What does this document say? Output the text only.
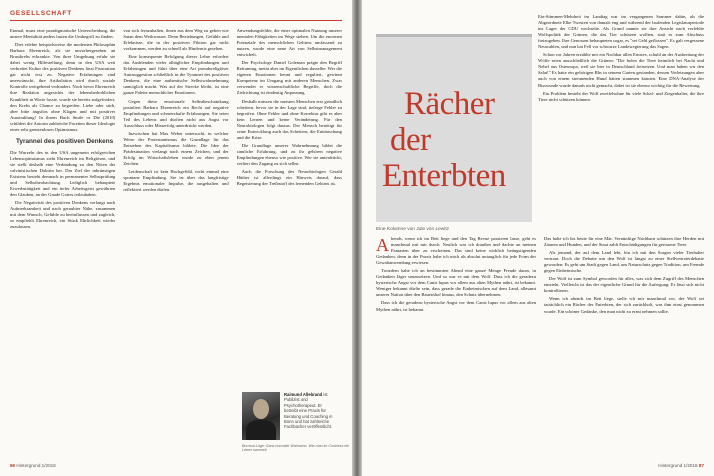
GESELLSCHAFT

Einmal, muss eine paradigmatische Unterscheidung, die unsere Mentalität anders lasten die Umbegriff zu finden.

Dies erlebte beispielsweise die modernen Philosophin Barbara Ehrenreich, als sie unvorhergesehen an Brustkrebs erkrankte. Von ihrer Umgebung erfuhr sie dabei wenig Hilfestellung, denn in den USA weit verbreitet Kultur des positiven Denkens lässt Frustration gar nicht erst zu. Negative Erfahrungen sind unerwünscht, ihre Artikulation wird durch soziale Kontrolle weitgehend verhindert. Noch bevor Ehrenreich ihre Reaktion angesichts der lebensbedrohlichen Krankheit in Worte fasste, wurde sie bereits aufgefordert, den Krebs als Chance zu begreifen. Liebe oder stirb, aber bitte ängstlos ohne Klagen und mit positiver Ausstrahlung! In ihrem Buch Smile or Die (2010) schildert die Autorin zahlreiche Facetten dieser Ideologie eines sehr grenzenlosen Optimismus.

Tyrannei des positiven Denkens

Die Wurzeln des in den USA ungemein erfolgreichen Lebensoptimismus sieht Ehrenreich im Religiösen, und sie stellt deshalb eine Verbindung zu den Nöten der calvinistischen Doktrin her. Das Ziel der inbrünstigen Existenz besteht demnach in permanenter Selbstprüfung und Selbstbeobachtung. Lediglich behauptete Erwerbstätigkeit und ein tiefer Arbeitsgeist gewährten den Glauben, an der Gnade Gottes teilzuhaben.

Die Negativität des positiven Denkens verlangt nach Aufmerksamkeit und nach geraubter Nähe, zusammen mit dem Wunsch, Gefühle zu beeinflussen und zugleich, so empfiehlt Ehrenreich, ein Stück Ehrlichkeit wieder zuzulassen.

von sich fernzuhalten, ihnen aus dem Weg zu gehen wie Satan dem Weihwasser. Denn Beziehungen, Gefühle und Erlebnisse, die in der positiven Fiktion gar nicht vorkommen, werden zu schnell als Hindernis gesehen.

Eine konsequente Befolgung dieser Lehre erfordert das Ausblenden vieler alltäglicher Empfindungen und Erfahrungen und führt über eine Art pseudoreligiöser Autosuggestion schließlich in die Tyrannei des positiven Denkens, die eine authentische Selbstwahrnehmung unmöglich macht. Was auf der Strecke bleibt, ist eine ganze Palette menschlicher Emotionen.

Gegen diese emotionale Selbstbeschränkung postuliert Barbara Ehrenreich ein Recht auf negative Empfindungen und schmerzhafte Erfahrungen. Sie seien Teil des Lebens und dürften nicht aus Angst vor Ausschluss oder Misserfolg unterdrückt werden.

Inzwischen hat Max Weber untersucht, in welcher Weise der Protestantismus die Grundlage für das Entstehen des Kapitalismus bildete. Die Idee der Prädestination verlangt nach einem Zeichen, und der Erfolg im Wirtschaftsleben wurde zu eben jenem Zeichen.

Leidenschaft ist kein Hochgefühl, nicht einmal eine spontane Empfindung. Sie ist über das langfristige Ergebnis emotionaler Impulse, die ausgehalten und reflektiert werden dürfen.

Anwendungsfelder, die einer optimalen Nutzung unserer mentalen Fähigkeiten im Wege stehen. Um die enormen Potenziale des menschlichen Gehirns umfassend zu nutzen, wurde eine neue Art von Selbstmanagement entwickelt.

Der Psychologe Daniel Goleman prägte den Begriff Reframing, meint aber im Eigentlichen dasselbe: Wer die eigenen Emotionen kennt und reguliert, gewinnt Kompetenz im Umgang mit anderen Menschen. Zwar verwendet er wissenschaftliche Begriffe, doch die Zielrichtung ist eindeutig Anpassung.

Deshalb müssen die meisten Menschen erst gründlich scheitern, bevor sie in der Lage sind, tieferge Fehler zu begreifen. Ohne Fehler und ohne Korrektur gibt es aber kein Lernen und keine Veränderung. Für den Neurobiologen folgt daraus: Der Mensch benötigt für seine Entwicklung auch das Scheitern, die Enttäuschung und die Krise.

Die Grundlage unserer Wahrnehmung bildet die sinnliche Erfahrung, und zu ihr gehören negative Empfindungen ebenso wie positive. Wer sie unterdrückt, verliert den Zugang zu sich selbst.

Auch die Forschung des Neurobiologen Gerald Hüther ist allerdings ein Hinweis darauf, dass Begeisterung der Treibstoff des lernenden Gehirns ist.

Raimund Allebrand ist Publizist und Psychotherapeut. Er betreibt eine Praxis für Beratung und Coaching in Bonn und hat zahlreiche Fachbücher veröffentlicht.
Burnout-Lüge: Ganz normaler Wahnsinn. Wie man im Coolness ein Leben sammelt
86 Hintergrund 1/2018
Rächer
der
Enterbten
Eine Kolumne von Jule von Lewitz

Ein-Stimmen-Mehrheit im Landtag war im vergangenen Sommer dahin, als die Abgeordnete Elke Twesten von damals eng und während der laufenden Legislaturperiode ins Lager der CDU wechselte. Als Grund nannte sie ihre Ansicht nach verfehlte Wolfspolitik der Grünen, die das Tier schützen wollten, statt es zum Abschuss freizugeben. Ihre Genossen behaupteten sogar, es "sei Geld geflossen". Es galt vergessene Neuwahlen, und nun hat Fell vor schwarze Landesregierung das Sagen.

Schon vor Jahren erzählte mir ein Nachbar allen Ernstes, schuld an der Ausbreitung der Wölfe seien ausschließlich die Grünen: "Die holen die Tiere heimlich bei Nacht und Nebel aus Osteuropa, weil sie hier in Deutschland freisetzen. Und man haben wir den Salat!" Es hatte ein gehörigen Rhs in seinem Garten gestanden, dessen Verletzungen aber auch von einem streunenden Hund hätten stammen können. Eine DNA-Analyse der Bisswunde wurde damals nicht gemacht, dabei ist sie ebenso wichtig für die Bewertung.

Ein Problem besteht der Wolf zweifelsohne für viele Schaf- und Ziegenhalter, die ihre Tiere nicht schützen können.

Abends, wenn ich im Bett liege und den Tag Revue passieren lasse, geht es manchmal mit mir durch. Neulich war ich draußen und dachte an meinen Fantasien über zu erscheinen. Das sind keine wirklich beängstigenden Gedanken, denn in der Praxis habe ich mich als absolut untauglich für jede Form der Gewaltanwendung erwiesen.

Trotzdem habe ich an bestimmten Abend eine ganze Menge Freude daran, in Gedanken Jäger umzusetzen. Und so war es mit dem Wolf. Dass ich die geradezu hysterische Angst vor dem Canis lupus vor allem aus alten Mythen nährt, ist bekannt. Weniger bekannt dürfte sein, dass gerade die Einheimischen auf dem Land, allesamt unserer Nation über den Bauernhof hinaus, den Schutz übernehmen.

Dass ich die geradezu hysterische Angst vor dem Canis lupus vor allem aus alten Mythen nährt, ist bekannt.

Das halte ich bis heute für eine Mär. Vernünftige Nachbarn schützen ihre Herden mit Zäunen und Hunden, und der Staat zahlt Entschädigungen für gerissene Tiere.

Als jemand, der auf dem Land lebt, bin ich mit den Sorgen vieler Tierhalter vertraut. Doch die Debatte um den Wolf ist längst zu einer Stellvertreterdebatte geworden: Es geht um Stadt gegen Land, um Naturschutz gegen Tradition, um Fremde gegen Einheimische.

Der Wolf ist zum Symbol geworden für alles, was sich dem Zugriff des Menschen entzieht. Vielleicht ist das der eigentliche Grund für die Aufregung: Er lässt sich nicht kontrollieren.

Wenn ich abends im Bett liege, stelle ich mir manchmal vor, der Wolf sei tatsächlich ein Rächer der Enterbten, der sich zurückholt, was ihm einst genommen wurde. Ein schöner Gedanke, den man nicht zu ernst nehmen sollte.

Hintergrund 1/2018 87
